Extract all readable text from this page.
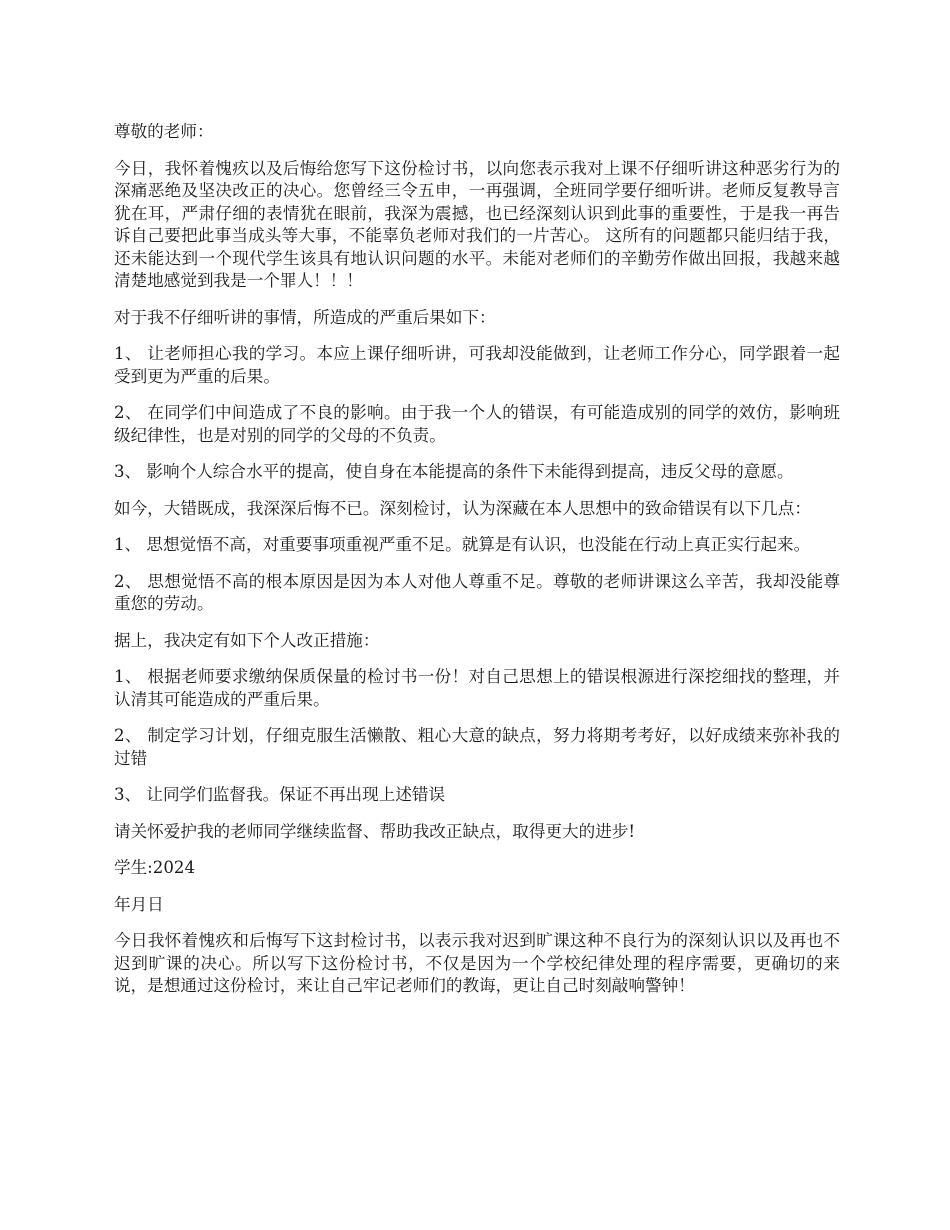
尊敬的老师：

今日，我怀着愧疚以及后悔给您写下这份检讨书，以向您表示我对上课不仔细听讲这种恶劣行为的深痛恶绝及坚决改正的决心。您曾经三令五申，一再强调，全班同学要仔细听讲。老师反复教导言犹在耳，严肃仔细的表情犹在眼前，我深为震撼，也已经深刻认识到此事的重要性，于是我一再告诉自己要把此事当成头等大事，不能辜负老师对我们的一片苦心。 这所有的问题都只能归结于我，还未能达到一个现代学生该具有地认识问题的水平。未能对老师们的辛勤劳作做出回报，我越来越清楚地感觉到我是一个罪人！！！

对于我不仔细听讲的事情，所造成的严重后果如下：

1、 让老师担心我的学习。本应上课仔细听讲，可我却没能做到，让老师工作分心，同学跟着一起受到更为严重的后果。

2、 在同学们中间造成了不良的影响。由于我一个人的错误，有可能造成别的同学的效仿，影响班级纪律性，也是对别的同学的父母的不负责。

3、 影响个人综合水平的提高，使自身在本能提高的条件下未能得到提高，违反父母的意愿。

如今，大错既成，我深深后悔不已。深刻检讨，认为深藏在本人思想中的致命错误有以下几点：

1、 思想觉悟不高，对重要事项重视严重不足。就算是有认识，也没能在行动上真正实行起来。

2、 思想觉悟不高的根本原因是因为本人对他人尊重不足。尊敬的老师讲课这么辛苦，我却没能尊重您的劳动。

据上，我决定有如下个人改正措施：

1、 根据老师要求缴纳保质保量的检讨书一份！对自己思想上的错误根源进行深挖细找的整理，并认清其可能造成的严重后果。

2、 制定学习计划，仔细克服生活懒散、粗心大意的缺点，努力将期考考好，以好成绩来弥补我的过错

3、 让同学们监督我。保证不再出现上述错误

请关怀爱护我的老师同学继续监督、帮助我改正缺点，取得更大的进步!

学生:2024

年月日

今日我怀着愧疚和后悔写下这封检讨书，以表示我对迟到旷课这种不良行为的深刻认识以及再也不迟到旷课的决心。所以写下这份检讨书，不仅是因为一个学校纪律处理的程序需要，更确切的来说，是想通过这份检讨，来让自己牢记老师们的教诲，更让自己时刻敲响警钟！
